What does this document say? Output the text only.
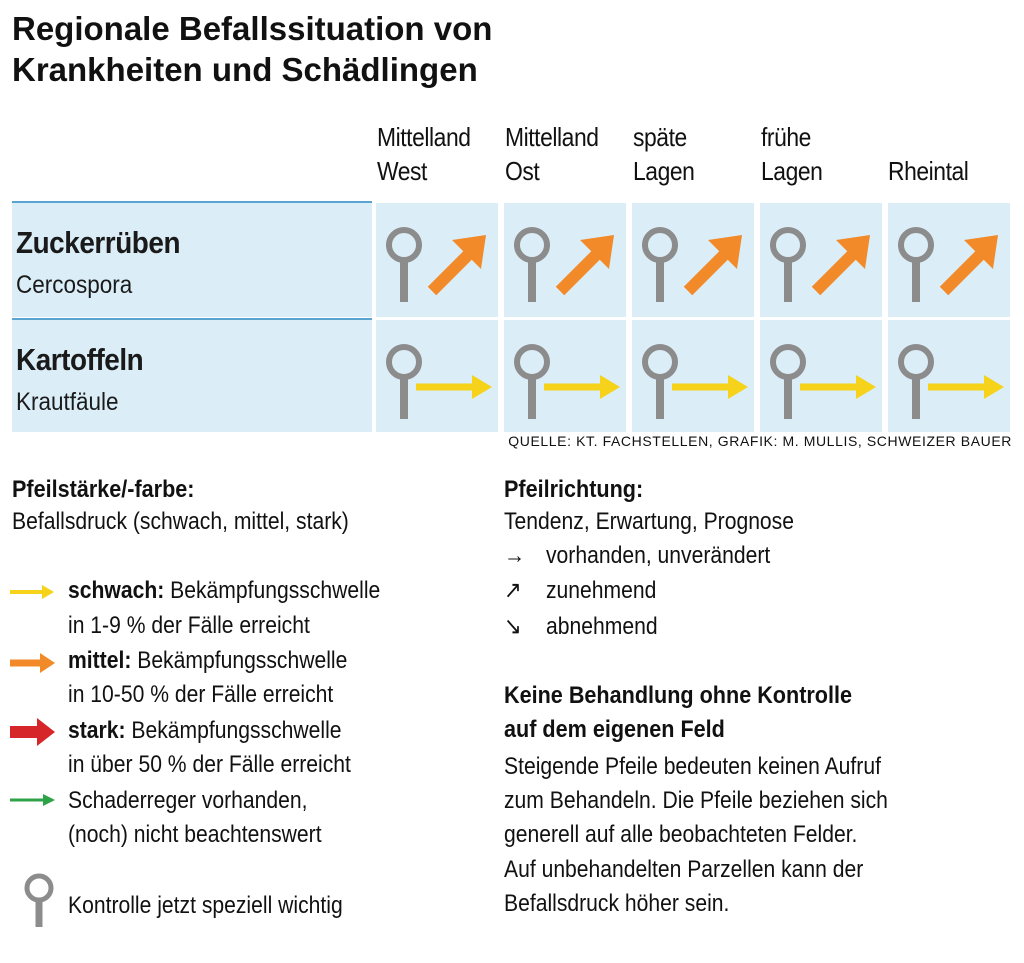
Regionale Befallssituation von
Krankheiten und Schädlingen
Mittelland
West
Mittelland
Ost
späte
Lagen
frühe
Lagen
	Rheintal
Zuckerrüben
Cercospora
Kartoffeln
Krautfäule
QUELLE: KT. FACHSTELLEN, GRAFIK: M. MULLIS, SCHWEIZER BAUER
Pfeilstärke/-farbe:
Befallsdruck (schwach, mittel, stark)
schwach: Bekämpfungsschwelle
in 1-9 % der Fälle erreicht
mittel: Bekämpfungsschwelle
in 10-50 % der Fälle erreicht
stark: Bekämpfungsschwelle
in über 50 % der Fälle erreicht
Schaderreger vorhanden,
(noch) nicht beachtenswert
Kontrolle jetzt speziell wichtig
Pfeilrichtung:
Tendenz, Erwartung, Prognose
→ vorhanden, unverändert
↗ zunehmend
↘ abnehmend
Keine Behandlung ohne Kontrolle
auf dem eigenen Feld
Steigende Pfeile bedeuten keinen Aufruf
zum Behandeln. Die Pfeile beziehen sich
generell auf alle beobachteten Felder.
Auf unbehandelten Parzellen kann der
Befallsdruck höher sein.
